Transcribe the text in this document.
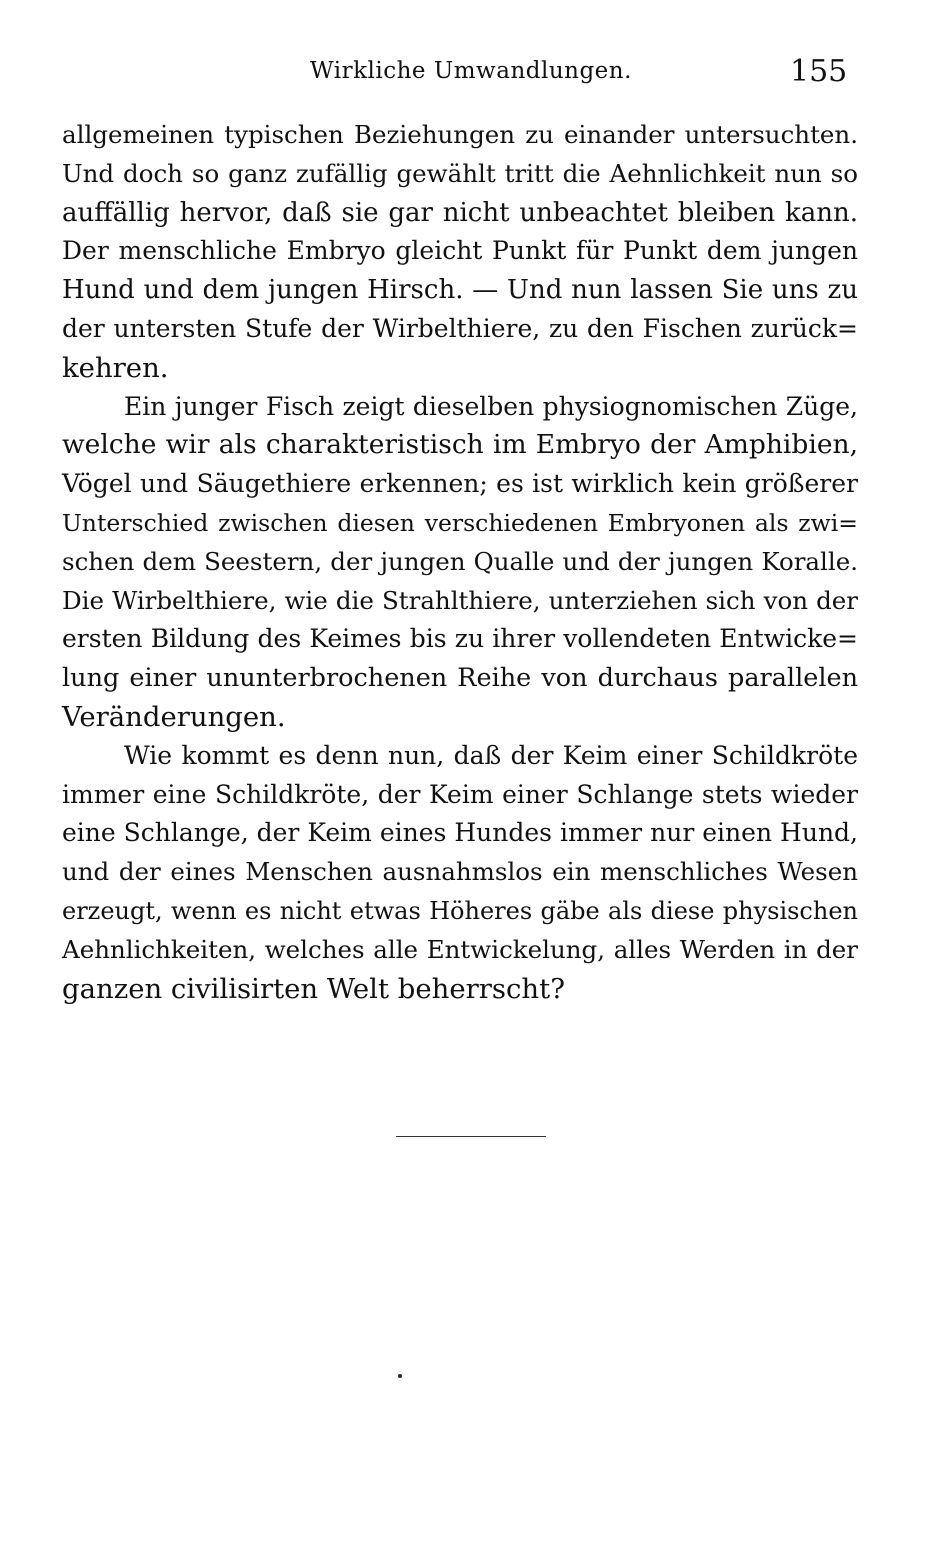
Wirkliche Umwandlungen.	155

allgemeinen typischen Beziehungen zu einander untersuchten.
Und doch so ganz zufällig gewählt tritt die Aehnlichkeit nun so
auffällig hervor, daß sie gar nicht unbeachtet bleiben kann.
Der menschliche Embryo gleicht Punkt für Punkt dem jungen
Hund und dem jungen Hirsch. — Und nun lassen Sie uns zu
der untersten Stufe der Wirbelthiere, zu den Fischen zurück=
kehren.

Ein junger Fisch zeigt dieselben physiognomischen Züge,
welche wir als charakteristisch im Embryo der Amphibien,
Vögel und Säugethiere erkennen; es ist wirklich kein größerer
Unterschied zwischen diesen verschiedenen Embryonen als zwi=
schen dem Seestern, der jungen Qualle und der jungen Koralle.
Die Wirbelthiere, wie die Strahlthiere, unterziehen sich von der
ersten Bildung des Keimes bis zu ihrer vollendeten Entwicke=
lung einer ununterbrochenen Reihe von durchaus parallelen
Veränderungen.

Wie kommt es denn nun, daß der Keim einer Schildkröte
immer eine Schildkröte, der Keim einer Schlange stets wieder
eine Schlange, der Keim eines Hundes immer nur einen Hund,
und der eines Menschen ausnahmslos ein menschliches Wesen
erzeugt, wenn es nicht etwas Höheres gäbe als diese physischen
Aehnlichkeiten, welches alle Entwickelung, alles Werden in der
ganzen civilisirten Welt beherrscht?
